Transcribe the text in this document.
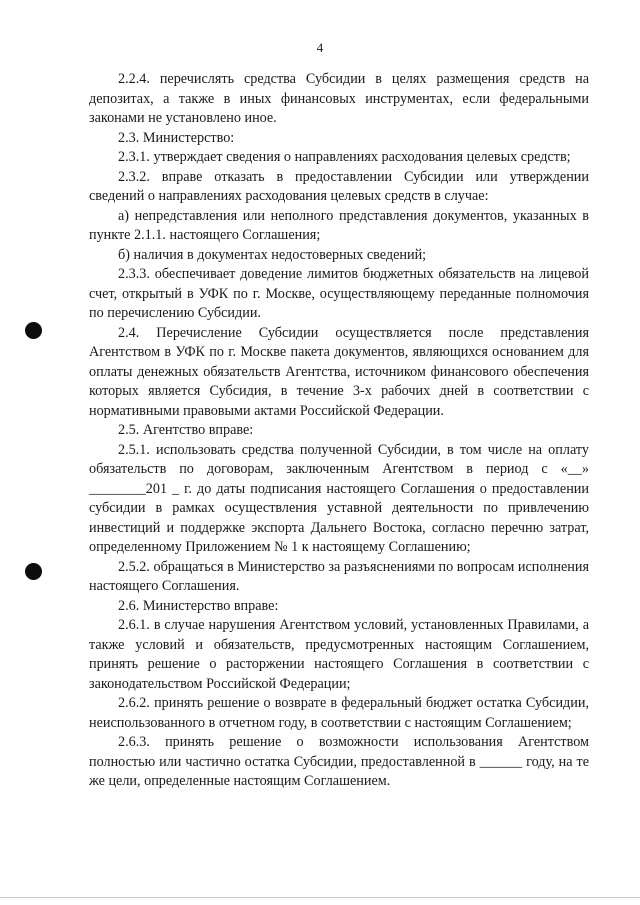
4

2.2.4. перечислять средства Субсидии в целях размещения средств на депозитах, а также в иных финансовых инструментах, если федеральными законами не установлено иное.

2.3. Министерство:

2.3.1. утверждает сведения о направлениях расходования целевых средств;

2.3.2. вправе отказать в предоставлении Субсидии или утверждении сведений о направлениях расходования целевых средств в случае:

а) непредставления или неполного представления документов, указанных в пункте 2.1.1. настоящего Соглашения;

б) наличия в документах недостоверных сведений;

2.3.3. обеспечивает доведение лимитов бюджетных обязательств на лицевой счет, открытый в УФК по г. Москве, осуществляющему переданные полномочия по перечислению Субсидии.

2.4. Перечисление Субсидии осуществляется после представления Агентством в УФК по г. Москве пакета документов, являющихся основанием для оплаты денежных обязательств Агентства, источником финансового обеспечения которых является Субсидия, в течение 3-х рабочих дней в соответствии с нормативными правовыми актами Российской Федерации.

2.5. Агентство вправе:

2.5.1. использовать средства полученной Субсидии, в том числе на оплату обязательств по договорам, заключенным Агентством в период с «__» ________201 _ г. до даты подписания настоящего Соглашения о предоставлении субсидии в рамках осуществления уставной деятельности по привлечению инвестиций и поддержке экспорта Дальнего Востока, согласно перечню затрат, определенному Приложением № 1 к настоящему Соглашению;

2.5.2. обращаться в Министерство за разъяснениями по вопросам исполнения настоящего Соглашения.

2.6. Министерство вправе:

2.6.1. в случае нарушения Агентством условий, установленных Правилами, а также условий и обязательств, предусмотренных настоящим Соглашением, принять решение о расторжении настоящего Соглашения в соответствии с законодательством Российской Федерации;

2.6.2. принять решение о возврате в федеральный бюджет остатка Субсидии, неиспользованного в отчетном году, в соответствии с настоящим Соглашением;

2.6.3. принять решение о возможности использования Агентством полностью или частично остатка Субсидии, предоставленной в ______ году, на те же цели, определенные настоящим Соглашением.
